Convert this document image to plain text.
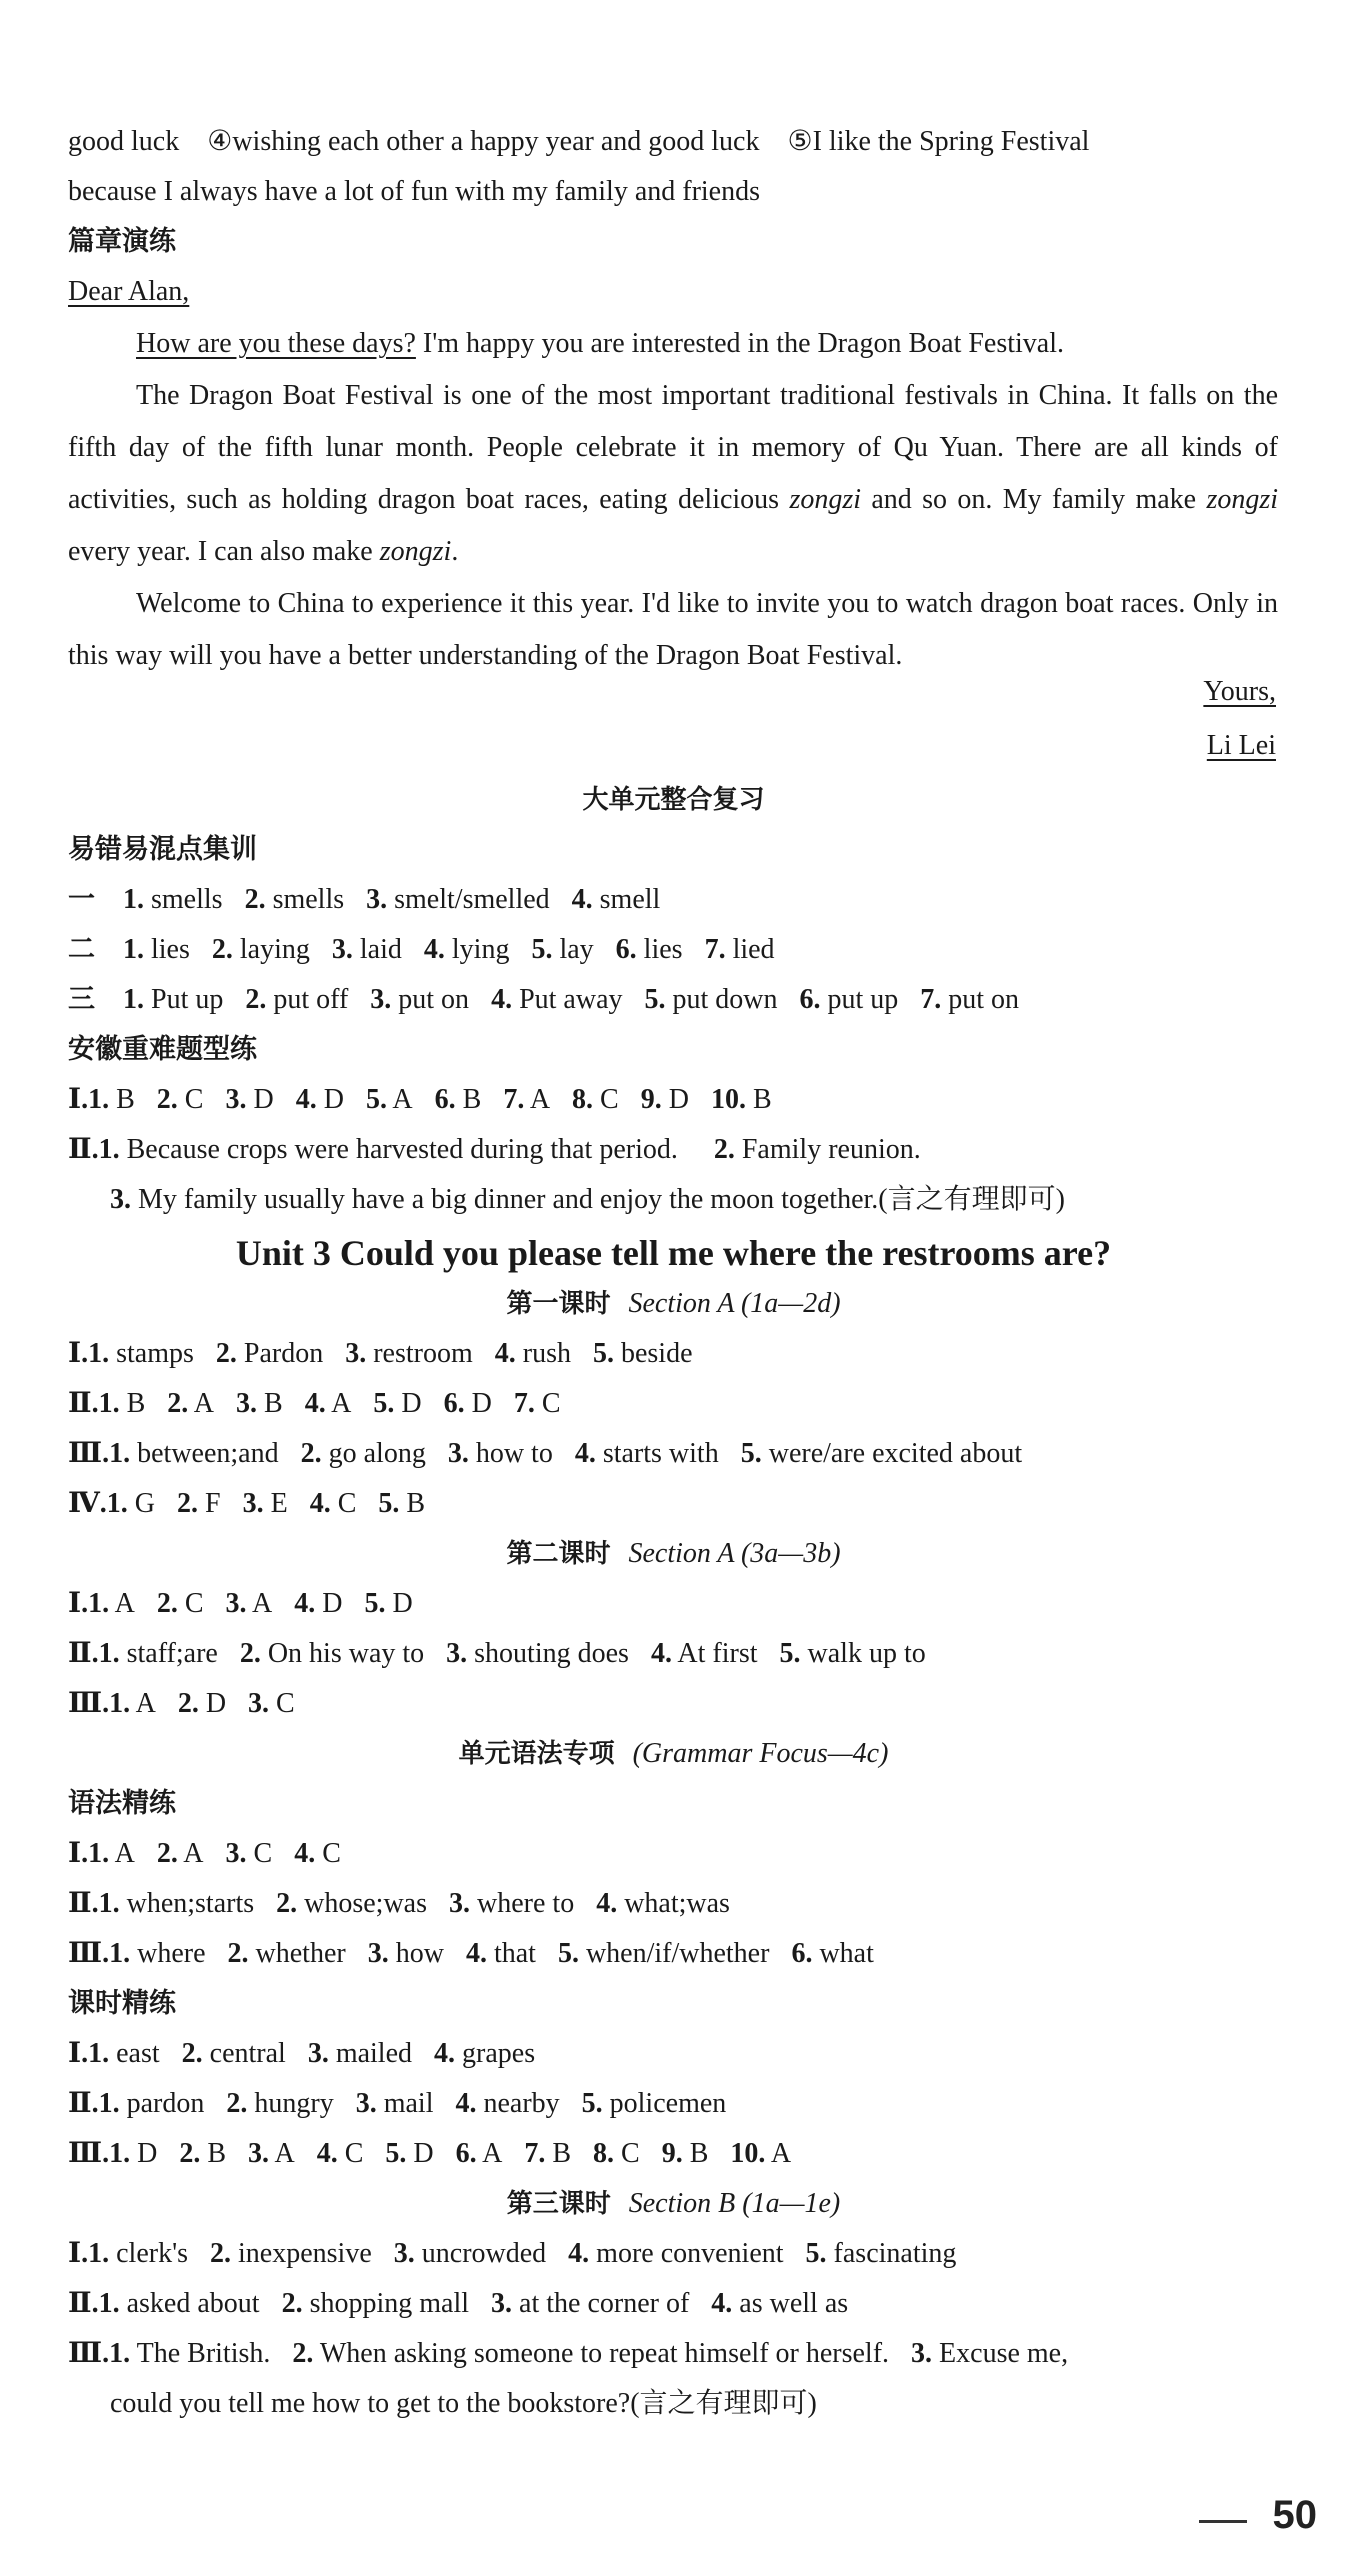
good luck ④wishing each other a happy year and good luck ⑤I like the Spring Festival
because I always have a lot of fun with my family and friends
篇章演练
Dear Alan,

How are you these days? I'm happy you are interested in the Dragon Boat Festival.

The Dragon Boat Festival is one of the most important traditional festivals in China. It falls on the fifth day of the fifth lunar month. People celebrate it in memory of Qu Yuan. There are all kinds of activities, such as holding dragon boat races, eating delicious zongzi and so on. My family make zongzi every year. I can also make zongzi.

Welcome to China to experience it this year. I'd like to invite you to watch dragon boat races. Only in this way will you have a better understanding of the Dragon Boat Festival.

Yours,
Li Lei
大单元整合复习
易错易混点集训
一 1. smells 2. smells 3. smelt/smelled 4. smell
二 1. lies 2. laying 3. laid 4. lying 5. lay 6. lies 7. lied
三 1. Put up 2. put off 3. put on 4. Put away 5. put down 6. put up 7. put on
安徽重难题型练
Ⅰ.1. B 2. C 3. D 4. D 5. A 6. B 7. A 8. C 9. D 10. B
Ⅱ.1. Because crops were harvested during that period. 2. Family reunion.
3. My family usually have a big dinner and enjoy the moon together.(言之有理即可)
Unit 3 Could you please tell me where the restrooms are?
第一课时 Section A (1a—2d)
Ⅰ.1. stamps 2. Pardon 3. restroom 4. rush 5. beside
Ⅱ.1. B 2. A 3. B 4. A 5. D 6. D 7. C
Ⅲ.1. between;and 2. go along 3. how to 4. starts with 5. were/are excited about
Ⅳ.1. G 2. F 3. E 4. C 5. B
第二课时 Section A (3a—3b)
Ⅰ.1. A 2. C 3. A 4. D 5. D
Ⅱ.1. staff;are 2. On his way to 3. shouting does 4. At first 5. walk up to
Ⅲ.1. A 2. D 3. C
单元语法专项 (Grammar Focus—4c)
语法精练
Ⅰ.1. A 2. A 3. C 4. C
Ⅱ.1. when;starts 2. whose;was 3. where to 4. what;was
Ⅲ.1. where 2. whether 3. how 4. that 5. when/if/whether 6. what
课时精练
Ⅰ.1. east 2. central 3. mailed 4. grapes
Ⅱ.1. pardon 2. hungry 3. mail 4. nearby 5. policemen
Ⅲ.1. D 2. B 3. A 4. C 5. D 6. A 7. B 8. C 9. B 10. A
第三课时 Section B (1a—1e)
Ⅰ.1. clerk's 2. inexpensive 3. uncrowded 4. more convenient 5. fascinating
Ⅱ.1. asked about 2. shopping mall 3. at the corner of 4. as well as
Ⅲ.1. The British. 2. When asking someone to repeat himself or herself. 3. Excuse me,
could you tell me how to get to the bookstore?(言之有理即可)
50
